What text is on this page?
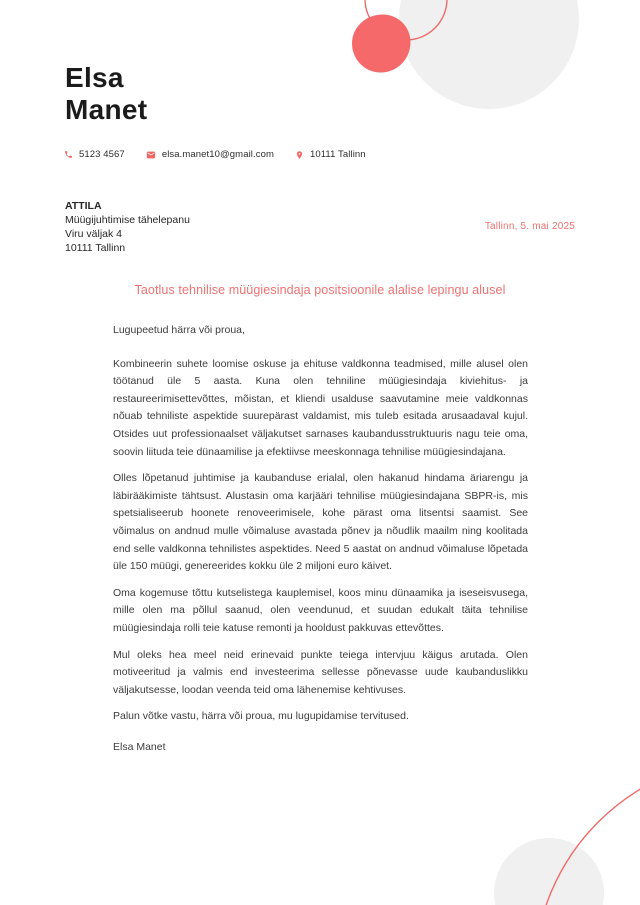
Elsa
Manet
5123 4567	elsa.manet10@gmail.com	10111 Tallinn
ATTILA
Müügijuhtimise tähelepanu
Viru väljak 4
10111 Tallinn
Tallinn, 5. mai 2025
Taotlus tehnilise müügiesindaja positsioonile alalise lepingu alusel

Lugupeetud härra või proua,

Kombineerin suhete loomise oskuse ja ehituse valdkonna teadmised, mille alusel olen töötanud üle 5 aasta. Kuna olen tehniline müügiesindaja kiviehitus- ja restaureerimisettevõttes, mõistan, et kliendi usalduse saavutamine meie valdkonnas nõuab tehniliste aspektide suurepärast valdamist, mis tuleb esitada arusaadaval kujul. Otsides uut professionaalset väljakutset sarnases kaubandusstruktuuris nagu teie oma, soovin liituda teie dünaamilise ja efektiivse meeskonnaga tehnilise müügiesindajana.

Olles lõpetanud juhtimise ja kaubanduse erialal, olen hakanud hindama äriarengu ja läbirääkimiste tähtsust. Alustasin oma karjääri tehnilise müügiesindajana SBPR-is, mis spetsialiseerub hoonete renoveerimisele, kohe pärast oma litsentsi saamist. See võimalus on andnud mulle võimaluse avastada põnev ja nõudlik maailm ning koolitada end selle valdkonna tehnilistes aspektides. Need 5 aastat on andnud võimaluse lõpetada üle 150 müügi, genereerides kokku üle 2 miljoni euro käivet.

Oma kogemuse tõttu kutselistega kauplemisel, koos minu dünaamika ja iseseisvusega, mille olen ma põllul saanud, olen veendunud, et suudan edukalt täita tehnilise müügiesindaja rolli teie katuse remonti ja hooldust pakkuvas ettevõttes.

Mul oleks hea meel neid erinevaid punkte teiega intervjuu käigus arutada. Olen motiveeritud ja valmis end investeerima sellesse põnevasse uude kaubanduslikku väljakutsesse, loodan veenda teid oma lähenemise kehtivuses.

Palun võtke vastu, härra või proua, mu lugupidamise tervitused.

Elsa Manet
